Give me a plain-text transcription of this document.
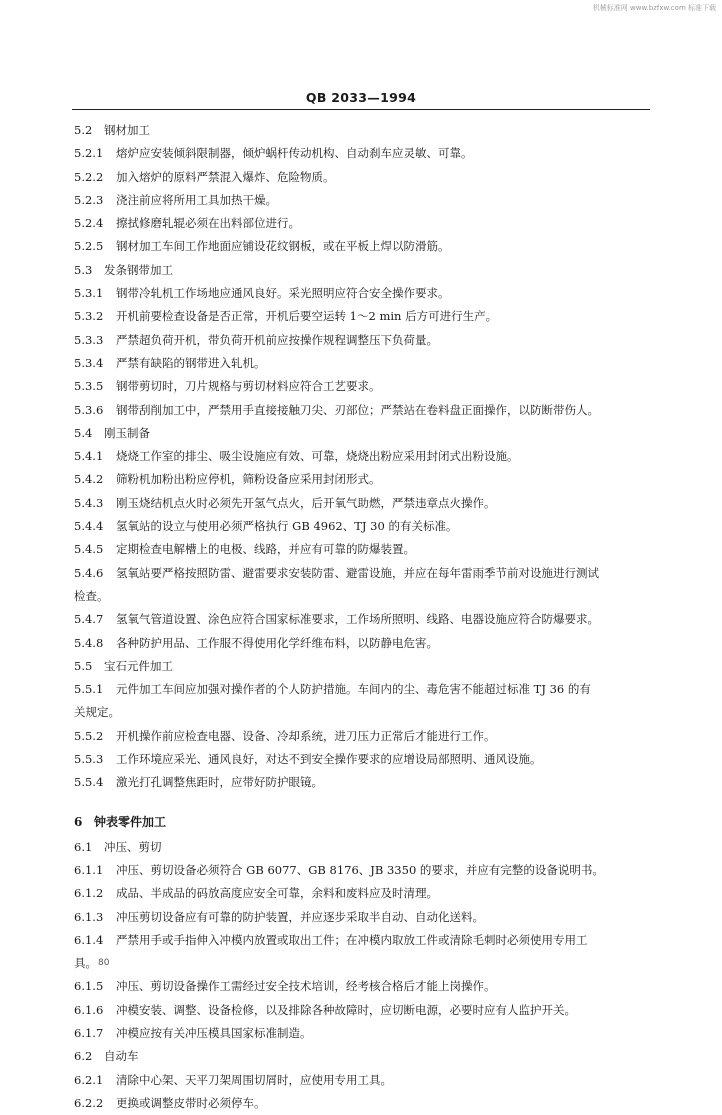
机械标准网 www.bzfxw.com 标准下载
QB 2033—1994
5.2 钢材加工
5.2.1 熔炉应安装倾斜限制器，倾炉蜗杆传动机构、自动刹车应灵敏、可靠。
5.2.2 加入熔炉的原料严禁混入爆炸、危险物质。
5.2.3 浇注前应将所用工具加热干燥。
5.2.4 擦拭修磨轧辊必须在出料部位进行。
5.2.5 钢材加工车间工作地面应铺设花纹钢板，或在平板上焊以防滑筋。
5.3 发条钢带加工
5.3.1 钢带冷轧机工作场地应通风良好。采光照明应符合安全操作要求。
5.3.2 开机前要检查设备是否正常，开机后要空运转 1～2 min 后方可进行生产。
5.3.3 严禁超负荷开机，带负荷开机前应按操作规程调整压下负荷量。
5.3.4 严禁有缺陷的钢带进入轧机。
5.3.5 钢带剪切时，刀片规格与剪切材料应符合工艺要求。
5.3.6 钢带刮削加工中，严禁用手直接接触刀尖、刃部位；严禁站在卷料盘正面操作，以防断带伤人。
5.4 刚玉制备
5.4.1 烧烧工作室的排尘、吸尘设施应有效、可靠，烧烧出粉应采用封闭式出粉设施。
5.4.2 筛粉机加粉出粉应停机，筛粉设备应采用封闭形式。
5.4.3 刚玉烧结机点火时必须先开氢气点火，后开氧气助燃，严禁违章点火操作。
5.4.4 氢氧站的设立与使用必须严格执行 GB 4962、TJ 30 的有关标准。
5.4.5 定期检查电解槽上的电极、线路，并应有可靠的防爆装置。
5.4.6 氢氧站要严格按照防雷、避雷要求安装防雷、避雷设施，并应在每年雷雨季节前对设施进行测试
检查。
5.4.7 氢氧气管道设置、涂色应符合国家标准要求，工作场所照明、线路、电器设施应符合防爆要求。
5.4.8 各种防护用品、工作服不得使用化学纤维布料，以防静电危害。
5.5 宝石元件加工
5.5.1 元件加工车间应加强对操作者的个人防护措施。车间内的尘、毒危害不能超过标准 TJ 36 的有
关规定。
5.5.2 开机操作前应检查电器、设备、冷却系统，进刀压力正常后才能进行工作。
5.5.3 工作环境应采光、通风良好，对达不到安全操作要求的应增设局部照明、通风设施。
5.5.4 激光打孔调整焦距时，应带好防护眼镜。
6 钟表零件加工
6.1 冲压、剪切
6.1.1 冲压、剪切设备必须符合 GB 6077、GB 8176、JB 3350 的要求，并应有完整的设备说明书。
6.1.2 成品、半成品的码放高度应安全可靠，余料和废料应及时清理。
6.1.3 冲压剪切设备应有可靠的防护装置，并应逐步采取半自动、自动化送料。
6.1.4 严禁用手或手指伸入冲模内放置或取出工件；在冲模内取放工件或清除毛刺时必须使用专用工
具。
6.1.5 冲压、剪切设备操作工需经过安全技术培训，经考核合格后才能上岗操作。
6.1.6 冲模安装、调整、设备检修，以及排除各种故障时，应切断电源，必要时应有人监护开关。
6.1.7 冲模应按有关冲压模具国家标准制造。
6.2 自动车
6.2.1 清除中心架、天平刀架周围切屑时，应使用专用工具。
6.2.2 更换或调整皮带时必须停车。
80
